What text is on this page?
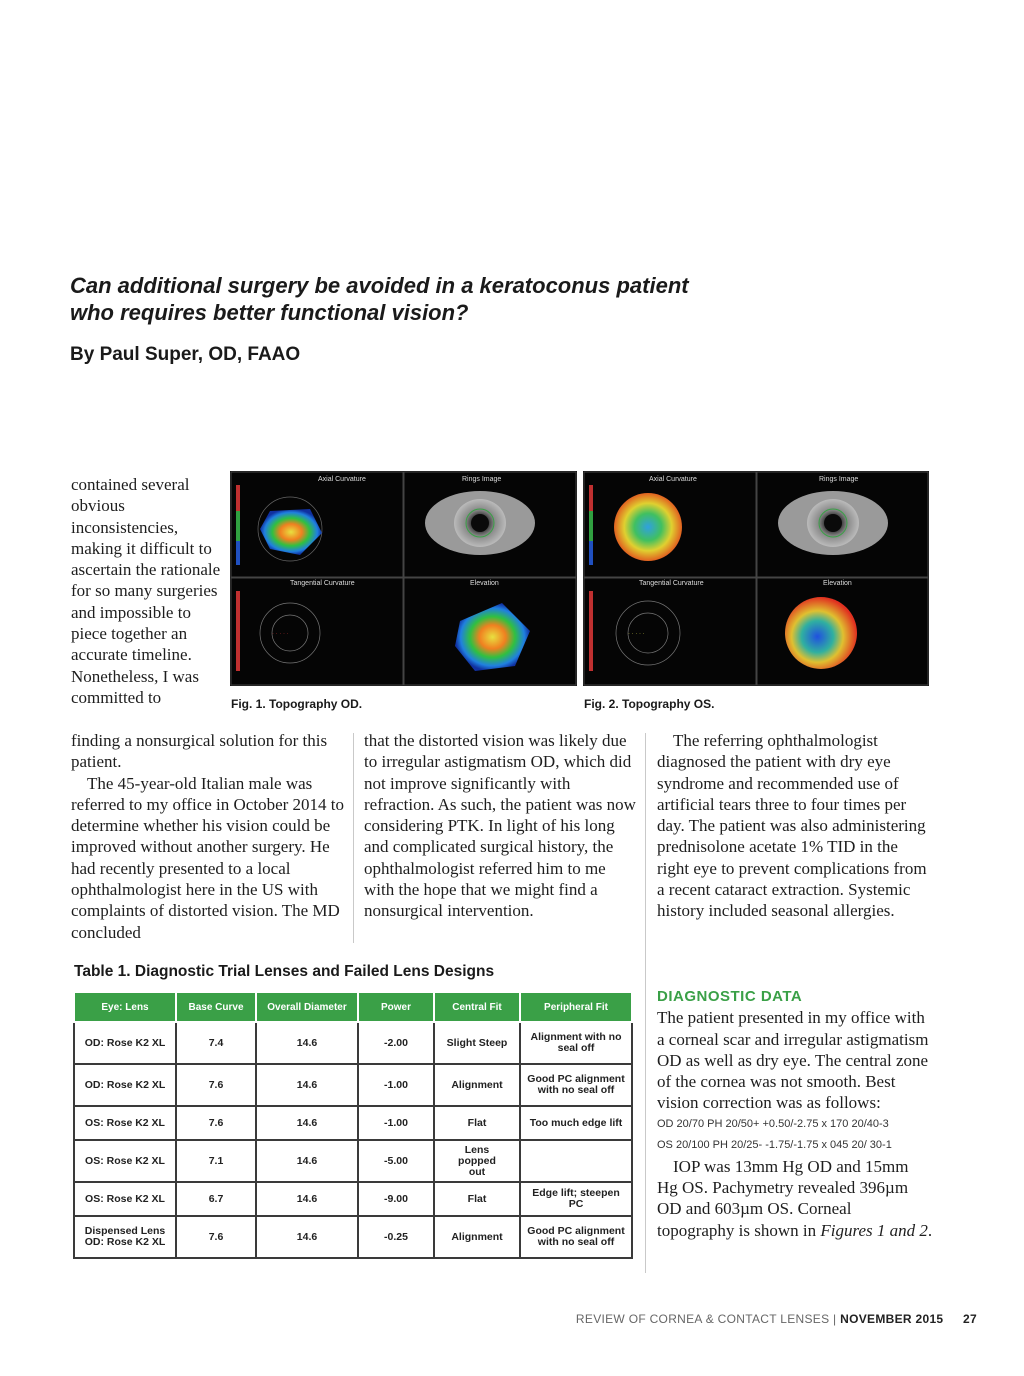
Can additional surgery be avoided in a keratoconus patient who requires better functional vision?
By Paul Super, OD, FAAO
Axial Curvature	Rings Image
Tangential Curvature	Elevation
· · · · ·
Fig. 1. Topography OD.
Axial Curvature	Rings Image
Tangential Curvature	Elevation
· · · · ·
Fig. 2. Topography OS.

contained several obvious inconsistencies, making it difficult to ascertain the rationale for so many surgeries and impossible to piece together an accurate timeline. Nonetheless, I was committed to

finding a nonsurgical solution for this patient.

The 45-year-old Italian male was referred to my office in October 2014 to determine whether his vision could be improved without another surgery. He had recently presented to a local ophthalmologist here in the US with complaints of distorted vision. The MD concluded

that the distorted vision was likely due to irregular astigmatism OD, which did not improve significantly with refraction. As such, the patient was now considering PTK. In light of his long and complicated surgical history, the ophthalmologist referred him to me with the hope that we might find a nonsurgical intervention.

The referring ophthalmologist diagnosed the patient with dry eye syndrome and recommended use of artificial tears three to four times per day. The patient was also administering prednisolone acetate 1% TID in the right eye to prevent complications from a recent cataract extraction. Systemic history included seasonal allergies.

DIAGNOSTIC DATA

The patient presented in my office with a corneal scar and irregular astigmatism OD as well as dry eye. The central zone of the cornea was not smooth. Best vision correction was as follows:

OD 20/70 PH 20/50+ +0.50/-2.75 x 170 20/40-3
OS 20/100 PH 20/25- -1.75/-1.75 x 045 20/ 30-1

IOP was 13mm Hg OD and 15mm Hg OS. Pachymetry revealed 396µm OD and 603µm OS. Corneal topography is shown in Figures 1 and 2.

Table 1. Diagnostic Trial Lenses and Failed Lens Designs
Eye: Lens	Base Curve	Overall Diameter	Power	Central Fit	Peripheral Fit
OD: Rose K2 XL	7.4	14.6	-2.00	Slight Steep	Alignment with no seal off
OD: Rose K2 XL	7.6	14.6	-1.00	Alignment	Good PC alignment with no seal off
OS: Rose K2 XL	7.6	14.6	-1.00	Flat	Too much edge lift
OS: Rose K2 XL	7.1	14.6	-5.00	Lens popped out	
OS: Rose K2 XL	6.7	14.6	-9.00	Flat	Edge lift; steepen PC
Dispensed Lens OD: Rose K2 XL	7.6	14.6	-0.25	Alignment	Good PC alignment with no seal off
REVIEW OF CORNEA & CONTACT LENSES | NOVEMBER 2015 27
